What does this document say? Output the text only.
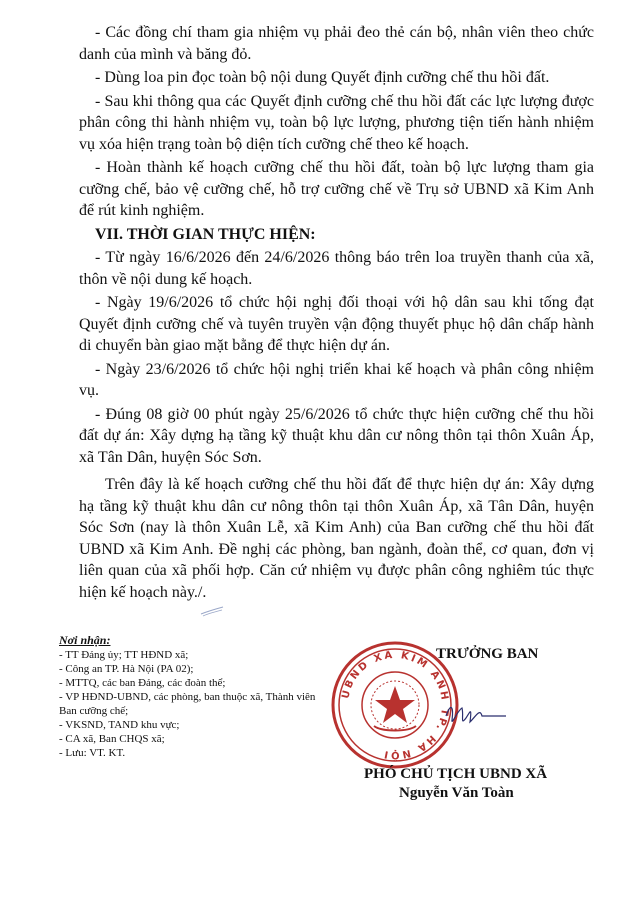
- Các đồng chí tham gia nhiệm vụ phải đeo thẻ cán bộ, nhân viên theo chức danh của mình và băng đỏ.

- Dùng loa pin đọc toàn bộ nội dung Quyết định cưỡng chế thu hồi đất.

- Sau khi thông qua các Quyết định cưỡng chế thu hồi đất các lực lượng được phân công thi hành nhiệm vụ, toàn bộ lực lượng, phương tiện tiến hành nhiệm vụ xóa hiện trạng toàn bộ diện tích cưỡng chế theo kế hoạch.

- Hoàn thành kế hoạch cưỡng chế thu hồi đất, toàn bộ lực lượng tham gia cưỡng chế, bảo vệ cưỡng chế, hỗ trợ cưỡng chế về Trụ sở UBND xã Kim Anh để rút kinh nghiệm.

VII. THỜI GIAN THỰC HIỆN:

- Từ ngày 16/6/2026 đến 24/6/2026 thông báo trên loa truyền thanh của xã, thôn về nội dung kế hoạch.

- Ngày 19/6/2026 tổ chức hội nghị đối thoại với hộ dân sau khi tống đạt Quyết định cưỡng chế và tuyên truyền vận động thuyết phục hộ dân chấp hành di chuyển bàn giao mặt bằng để thực hiện dự án.

- Ngày 23/6/2026 tổ chức hội nghị triển khai kế hoạch và phân công nhiệm vụ.

- Đúng 08 giờ 00 phút ngày 25/6/2026 tổ chức thực hiện cưỡng chế thu hồi đất dự án: Xây dựng hạ tầng kỹ thuật khu dân cư nông thôn tại thôn Xuân Áp, xã Tân Dân, huyện Sóc Sơn.

Trên đây là kế hoạch cưỡng chế thu hồi đất để thực hiện dự án: Xây dựng hạ tầng kỹ thuật khu dân cư nông thôn tại thôn Xuân Áp, xã Tân Dân, huyện Sóc Sơn (nay là thôn Xuân Lễ, xã Kim Anh) của Ban cưỡng chế thu hồi đất UBND xã Kim Anh. Đề nghị các phòng, ban ngành, đoàn thể, cơ quan, đơn vị liên quan của xã phối hợp. Căn cứ nhiệm vụ được phân công nghiêm túc thực hiện kế hoạch này./.

Nơi nhận:
- TT Đảng ủy; TT HĐND xã;
- Công an TP. Hà Nội (PA 02);
- MTTQ, các ban Đảng, các đoàn thể;
- VP HĐND-UBND, các phòng, ban thuộc xã, Thành viên Ban cưỡng chế;
- VKSND, TAND khu vực;
- CA xã, Ban CHQS xã;
- Lưu: VT. KT.
UBND XÃ KIM ANH TP. HÀ NỘI
TRƯỞNG BAN
PHÓ CHỦ TỊCH UBND XÃ
Nguyễn Văn Toàn
